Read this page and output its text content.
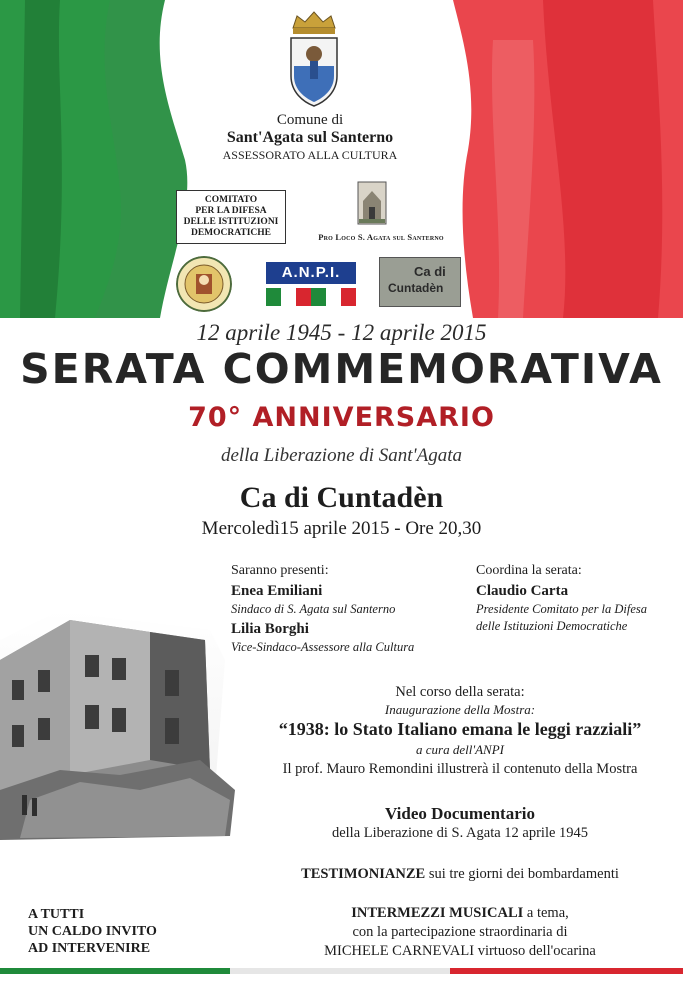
Comune di
Sant'Agata sul Santerno
ASSESSORATO ALLA CULTURA
COMITATO
PER LA DIFESA
DELLE ISTITUZIONI
DEMOCRATICHE	Pro Loco S. Agata sul Santerno
A.N.P.I.	Ca di
Cuntadèn
12 aprile 1945 - 12 aprile 2015
SERATA COMMEMORATIVA
70° ANNIVERSARIO
della Liberazione di Sant'Agata
Ca di Cuntadèn
Mercoledì15 aprile 2015 - Ore 20,30
Saranno presenti:
Enea Emiliani
Sindaco di S. Agata sul Santerno
Lilia Borghi
Vice-Sindaco-Assessore alla Cultura
Coordina la serata:
Claudio Carta
Presidente Comitato per la Difesa
delle Istituzioni Democratiche
Nel corso della serata:
Inaugurazione della Mostra:
“1938: lo Stato Italiano emana le leggi razziali”
a cura dell'ANPI
Il prof. Mauro Remondini illustrerà il contenuto della Mostra
Video Documentario
della Liberazione di S. Agata 12 aprile 1945
TESTIMONIANZE sui tre giorni dei bombardamenti
INTERMEZZI MUSICALI a tema,
con la partecipazione straordinaria di
MICHELE CARNEVALI virtuoso dell'ocarina
A TUTTI
UN CALDO INVITO
AD INTERVENIRE
